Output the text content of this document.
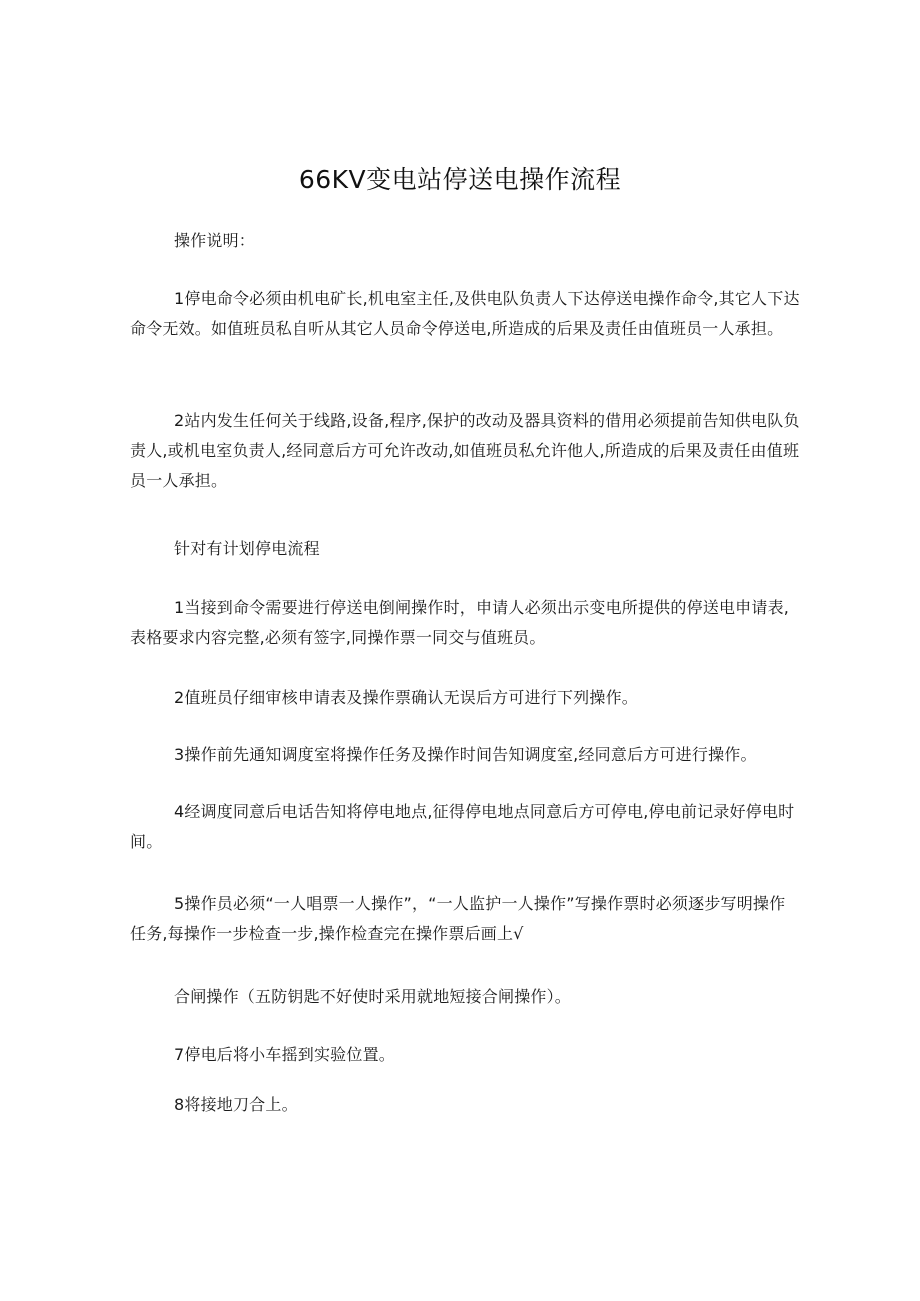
66KV变电站停送电操作流程
操作说明：
1停电命令必须由机电矿长,机电室主任,及供电队负责人下达停送电操作命令,其它人下达命令无效。如值班员私自听从其它人员命令停送电,所造成的后果及责任由值班员一人承担。
2站内发生任何关于线路,设备,程序,保护的改动及器具资料的借用必须提前告知供电队负责人,或机电室负责人,经同意后方可允许改动,如值班员私允许他人,所造成的后果及责任由值班员一人承担。
针对有计划停电流程
1当接到命令需要进行停送电倒闸操作时，申请人必须出示变电所提供的停送电申请表,表格要求内容完整,必须有签字,同操作票一同交与值班员。
2值班员仔细审核申请表及操作票确认无误后方可进行下列操作。
3操作前先通知调度室将操作任务及操作时间告知调度室,经同意后方可进行操作。
4经调度同意后电话告知将停电地点,征得停电地点同意后方可停电,停电前记录好停电时间。
5操作员必须“一人唱票一人操作”，“一人监护一人操作”写操作票时必须逐步写明操作任务,每操作一步检查一步,操作检查完在操作票后画上√
合闸操作（五防钥匙不好使时采用就地短接合闸操作）。
7停电后将小车摇到实验位置。
8将接地刀合上。
